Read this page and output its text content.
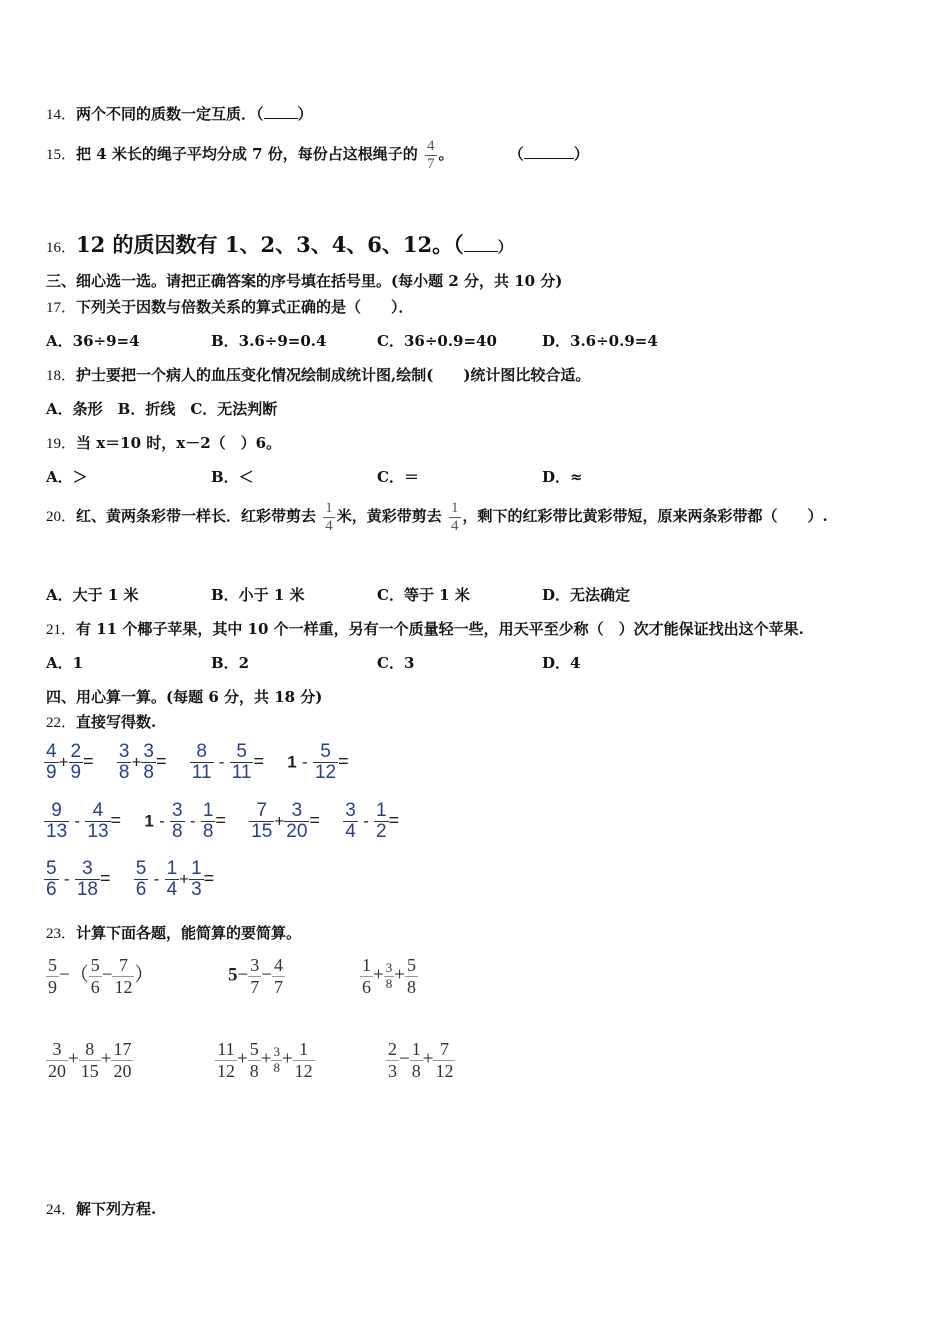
14．两个不同的质数一定互质．（ ）
15．把 4 米长的绳子平均分成 7 份，每份占这根绳子的 $\frac{4}{7}$ 。	（	）
16．12 的质因数有 1、2、3、4、6、12。（ ）
三、细心选一选。请把正确答案的序号填在括号里。(每小题 2 分，共 10 分)
17．下列关于因数与倍数关系的算式正确的是（　　）．
A．36÷9=4	B．3.6÷9=0.4	C．36÷0.9=40	D．3.6÷0.9=4
18．护士要把一个病人的血压变化情况绘制成统计图,绘制(　　)统计图比较合适。
A．条形　B．折线　C．无法判断
19．当 x＝10 时，x－2（　）6。
A．＞	B．＜	C．＝	D．≈
20．红、黄两条彩带一样长．红彩带剪去 $\frac{1}{4}$ 米，黄彩带剪去 $\frac{1}{4}$ ，剩下的红彩带比黄彩带短，原来两条彩带都（　　）.
A．大于 1 米	B．小于 1 米	C．等于 1 米	D．无法确定
21．有 11 个椰子苹果，其中 10 个一样重，另有一个质量轻一些，用天平至少称（　）次才能保证找出这个苹果.
A．1	B．2	C．3	D．4
四、用心算一算。(每题 6 分，共 18 分)
22．直接写得数.
$\frac{4}{9} + \frac{2}{9} = \frac{3}{8} + \frac{3}{8} = \frac{8}{11} - \frac{5}{11} = 1 - \frac{5}{12}$ =
$\frac{9}{13} - \frac{4}{13} = 1 - \frac{3}{8} - \frac{1}{8} = \frac{7}{15} + \frac{3}{20} = \frac{3}{4} - \frac{1}{2}$ =
$\frac{5}{6} - \frac{3}{18} = \frac{5}{6} - \frac{1}{4} + \frac{1}{3}$ =
23．计算下面各题，能简算的要简算。
$\frac{5}{9}$ −（ $\frac{5}{6} - \frac{7}{12}$ ）	$5- \frac{3}{7} - \frac{4}{7}$	$\frac{1}{6} + \frac{3}{8} + \frac{5}{8}$
$\frac{3}{20} + \frac{8}{15} + \frac{17}{20}$	$\frac{11}{12} + \frac{5}{8} + \frac{3}{8} + \frac{1}{12}$	$\frac{2}{3} - \frac{1}{8} + \frac{7}{12}$
24．解下列方程.
